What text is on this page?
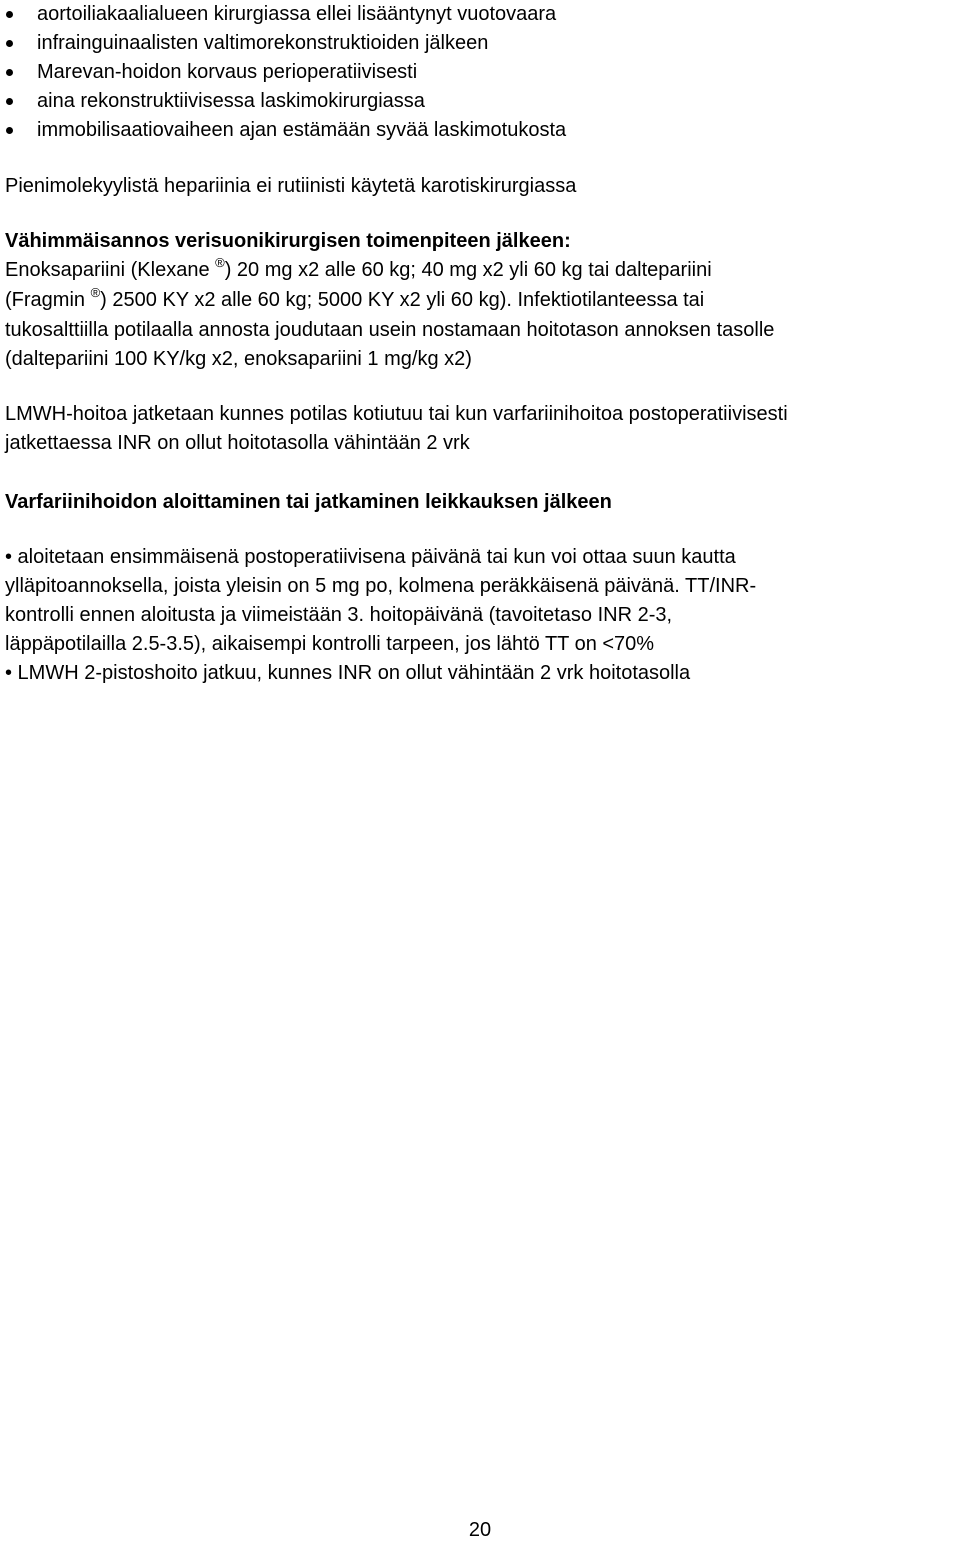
aortoiliakaalialueen kirurgiassa ellei lisääntynyt vuotovaara
infrainguinaalisten valtimorekonstruktioiden jälkeen
Marevan-hoidon korvaus perioperatiivisesti
aina rekonstruktiivisessa laskimokirurgiassa
immobilisaatiovaiheen ajan estämään syvää laskimotukosta

Pienimolekyylistä hepariinia ei rutiinisti käytetä karotiskirurgiassa

Vähimmäisannos verisuonikirurgisen toimenpiteen jälkeen:
Enoksapariini (Klexane ®) 20 mg x2 alle 60 kg; 40 mg x2 yli 60 kg tai daltepariini
(Fragmin ®) 2500 KY x2 alle 60 kg; 5000 KY x2 yli 60 kg). Infektiotilanteessa tai
tukosalttiilla potilaalla annosta joudutaan usein nostamaan hoitotason annoksen tasolle
(daltepariini 100 KY/kg x2, enoksapariini 1 mg/kg x2)
LMWH-hoitoa jatketaan kunnes potilas kotiutuu tai kun varfariinihoitoa postoperatiivisesti
jatkettaessa INR on ollut hoitotasolla vähintään 2 vrk

Varfariinihoidon aloittaminen tai jatkaminen leikkauksen jälkeen

• aloitetaan ensimmäisenä postoperatiivisena päivänä tai kun voi ottaa suun kautta
ylläpitoannoksella, joista yleisin on 5 mg po, kolmena peräkkäisenä päivänä. TT/INR-
kontrolli ennen aloitusta ja viimeistään 3. hoitopäivänä (tavoitetaso INR 2-3,
läppäpotilailla 2.5-3.5), aikaisempi kontrolli tarpeen, jos lähtö TT on <70%
• LMWH 2-pistoshoito jatkuu, kunnes INR on ollut vähintään 2 vrk hoitotasolla
20
